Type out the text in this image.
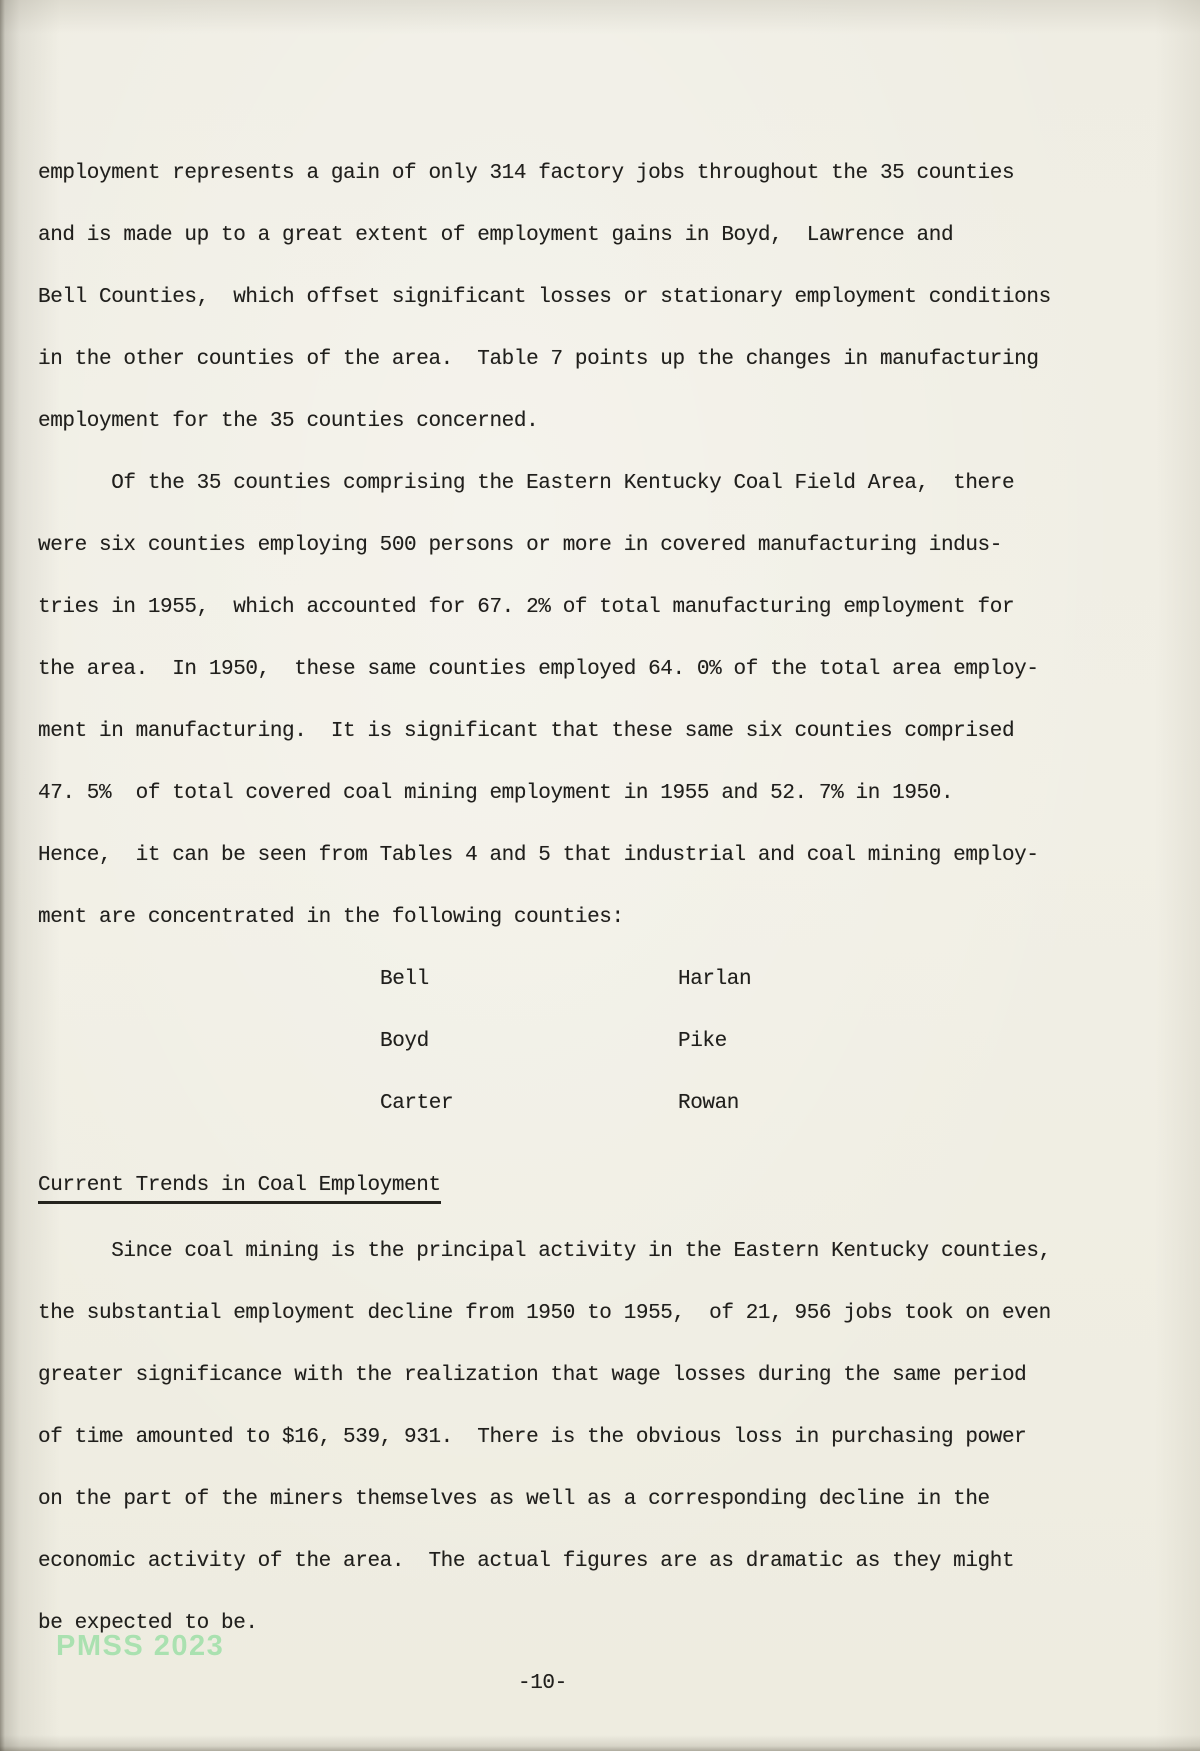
employment represents a gain of only 314 factory jobs throughout the 35 counties
and is made up to a great extent of employment gains in Boyd,  Lawrence and
Bell Counties,  which offset significant losses or stationary employment conditions
in the other counties of the area.  Table 7 points up the changes in manufacturing
employment for the 35 counties concerned.
Of the 35 counties comprising the Eastern Kentucky Coal Field Area,  there
were six counties employing 500 persons or more in covered manufacturing indus-
tries in 1955,  which accounted for 67. 2% of total manufacturing employment for
the area.  In 1950,  these same counties employed 64. 0% of the total area employ-
ment in manufacturing.  It is significant that these same six counties comprised
47. 5%  of total covered coal mining employment in 1955 and 52. 7% in 1950.
Hence,  it can be seen from Tables 4 and 5 that industrial and coal mining employ-
ment are concentrated in the following counties:
Bell	Harlan
Boyd	Pike
Carter	Rowan
Current Trends in Coal Employment
Since coal mining is the principal activity in the Eastern Kentucky counties,
the substantial employment decline from 1950 to 1955,  of 21, 956 jobs took on even
greater significance with the realization that wage losses during the same period
of time amounted to $16, 539, 931.  There is the obvious loss in purchasing power
on the part of the miners themselves as well as a corresponding decline in the
economic activity of the area.  The actual figures are as dramatic as they might
be expected to be.
PMSS 2023
-10-
